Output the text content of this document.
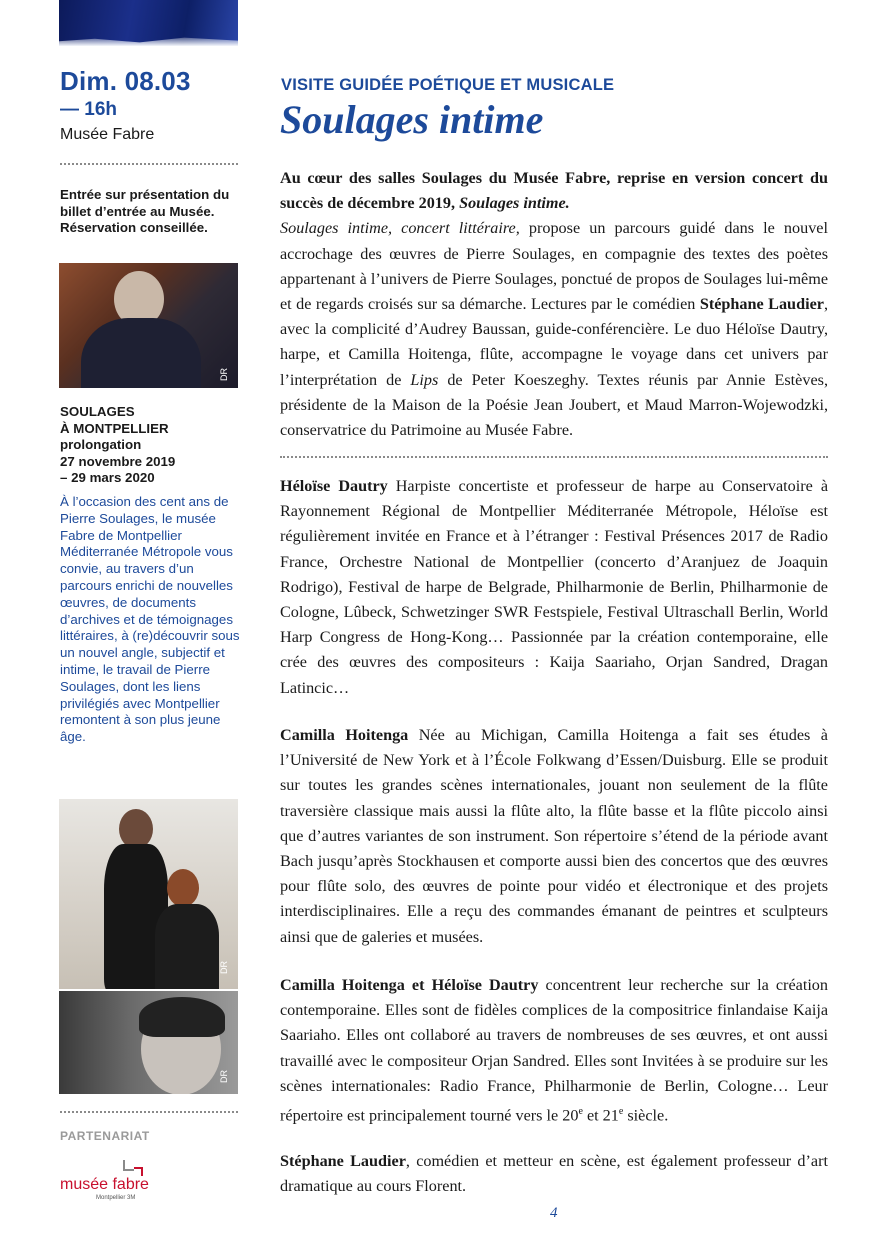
Dim. 08.03
— 16h
Musée Fabre
Entrée sur présentation du billet d’entrée au Musée. Réservation conseillée.
DR
SOULAGES
À MONTPELLIER
prolongation
27 novembre 2019
– 29 mars 2020
À l’occasion des cent ans de Pierre Soulages, le musée Fabre de Montpellier Méditerranée Métropole vous convie, au travers d’un parcours enrichi de nouvelles œuvres, de documents d’archives et de témoignages littéraires, à (re)découvrir sous un nouvel angle, subjectif et intime, le travail de Pierre Soulages, dont les liens privilégiés avec Montpellier remontent à son plus jeune âge.
DR
DR
PARTENARIAT
musée fabre
Montpellier 3M
VISITE GUIDÉE POÉTIQUE ET MUSICALE
Soulages intime
Au cœur des salles Soulages du Musée Fabre, reprise en version concert du succès de décembre 2019, Soulages intime.
Soulages intime, concert littéraire, propose un parcours guidé dans le nouvel accrochage des œuvres de Pierre Soulages, en compagnie des textes des poètes appartenant à l’univers de Pierre Soulages, ponctué de propos de Soulages lui-même et de regards croisés sur sa démarche. Lectures par le comédien Stéphane Laudier, avec la complicité d’Audrey Baussan, guide-conférencière. Le duo Héloïse Dautry, harpe, et Camilla Hoitenga, flûte, accompagne le voyage dans cet univers par l’interprétation de Lips de Peter Koeszeghy. Textes réunis par Annie Estèves, présidente de la Maison de la Poésie Jean Joubert, et Maud Marron-Wojewodzki, conservatrice du Patrimoine au Musée Fabre.
Héloïse Dautry Harpiste concertiste et professeur de harpe au Conservatoire à Rayonnement Régional de Montpellier Méditerranée Métropole, Héloïse est régulièrement invitée en France et à l’étranger : Festival Présences 2017 de Radio France, Orchestre National de Montpellier (concerto d’Aranjuez de Joaquin Rodrigo), Festival de harpe de Belgrade, Philharmonie de Berlin, Philharmonie de Cologne, Lûbeck, Schwetzinger SWR Festspiele, Festival Ultraschall Berlin, World Harp Congress de Hong-Kong… Passionnée par la création contemporaine, elle crée des œuvres des compositeurs : Kaija Saariaho, Orjan Sandred, Dragan Latincic…
Camilla Hoitenga Née au Michigan, Camilla Hoitenga a fait ses études à l’Université de New York et à l’École Folkwang d’Essen/Duisburg. Elle se produit sur toutes les grandes scènes internationales, jouant non seulement de la flûte traversière classique mais aussi la flûte alto, la flûte basse et la flûte piccolo ainsi que d’autres variantes de son instrument. Son répertoire s’étend de la période avant Bach jusqu’après Stockhausen et comporte aussi bien des concertos que des œuvres pour flûte solo, des œuvres de pointe pour vidéo et électronique et des projets interdisciplinaires. Elle a reçu des commandes émanant de peintres et sculpteurs ainsi que de galeries et musées.
Camilla Hoitenga et Héloïse Dautry concentrent leur recherche sur la création contemporaine. Elles sont de fidèles complices de la compositrice finlandaise Kaija Saariaho. Elles ont collaboré au travers de nombreuses de ses œuvres, et ont aussi travaillé avec le compositeur Orjan Sandred. Elles sont Invitées à se produire sur les scènes internationales: Radio France, Philharmonie de Berlin, Cologne… Leur répertoire est principalement tourné vers le 20e et 21e siècle.
Stéphane Laudier, comédien et metteur en scène, est également professeur d’art dramatique au cours Florent.
4
